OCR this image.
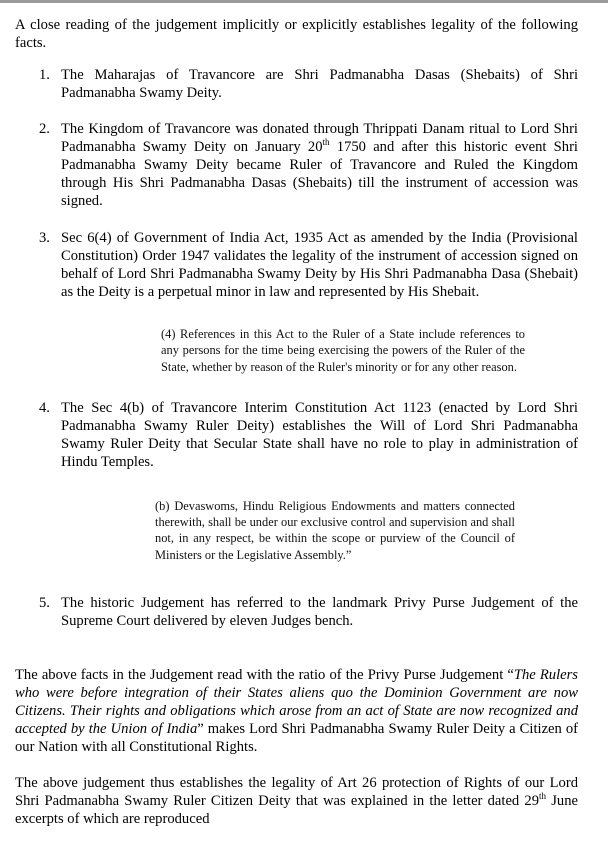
A close reading of the judgement implicitly or explicitly establishes legality of the following facts.

1. The Maharajas of Travancore are Shri Padmanabha Dasas (Shebaits) of Shri Padmanabha Swamy Deity.

2. The Kingdom of Travancore was donated through Thrippati Danam ritual to Lord Shri Padmanabha Swamy Deity on January 20th 1750 and after this historic event Shri Padmanabha Swamy Deity became Ruler of Travancore and Ruled the Kingdom through His Shri Padmanabha Dasas (Shebaits) till the instrument of accession was signed.

3. Sec 6(4) of Government of India Act, 1935 Act as amended by the India (Provisional Constitution) Order 1947 validates the legality of the instrument of accession signed on behalf of Lord Shri Padmanabha Swamy Deity by His Shri Padmanabha Dasa (Shebait) as the Deity is a perpetual minor in law and represented by His Shebait.

(4) References in this Act to the Ruler of a State include references to any persons for the time being exercising the powers of the Ruler of the State, whether by reason of the Ruler's minority or for any other reason.

4. The Sec 4(b) of Travancore Interim Constitution Act 1123 (enacted by Lord Shri Padmanabha Swamy Ruler Deity) establishes the Will of Lord Shri Padmanabha Swamy Ruler Deity that Secular State shall have no role to play in administration of Hindu Temples.

(b) Devaswoms, Hindu Religious Endowments and matters connected therewith, shall be under our exclusive control and supervision and shall not, in any respect, be within the scope or purview of the Council of Ministers or the Legislative Assembly.”

5. The historic Judgement has referred to the landmark Privy Purse Judgement of the Supreme Court delivered by eleven Judges bench.

The above facts in the Judgement read with the ratio of the Privy Purse Judgement “The Rulers who were before integration of their States aliens quo the Dominion Government are now Citizens. Their rights and obligations which arose from an act of State are now recognized and accepted by the Union of India” makes Lord Shri Padmanabha Swamy Ruler Deity a Citizen of our Nation with all Constitutional Rights.

The above judgement thus establishes the legality of Art 26 protection of Rights of our Lord Shri Padmanabha Swamy Ruler Citizen Deity that was explained in the letter dated 29th June excerpts of which are reproduced
